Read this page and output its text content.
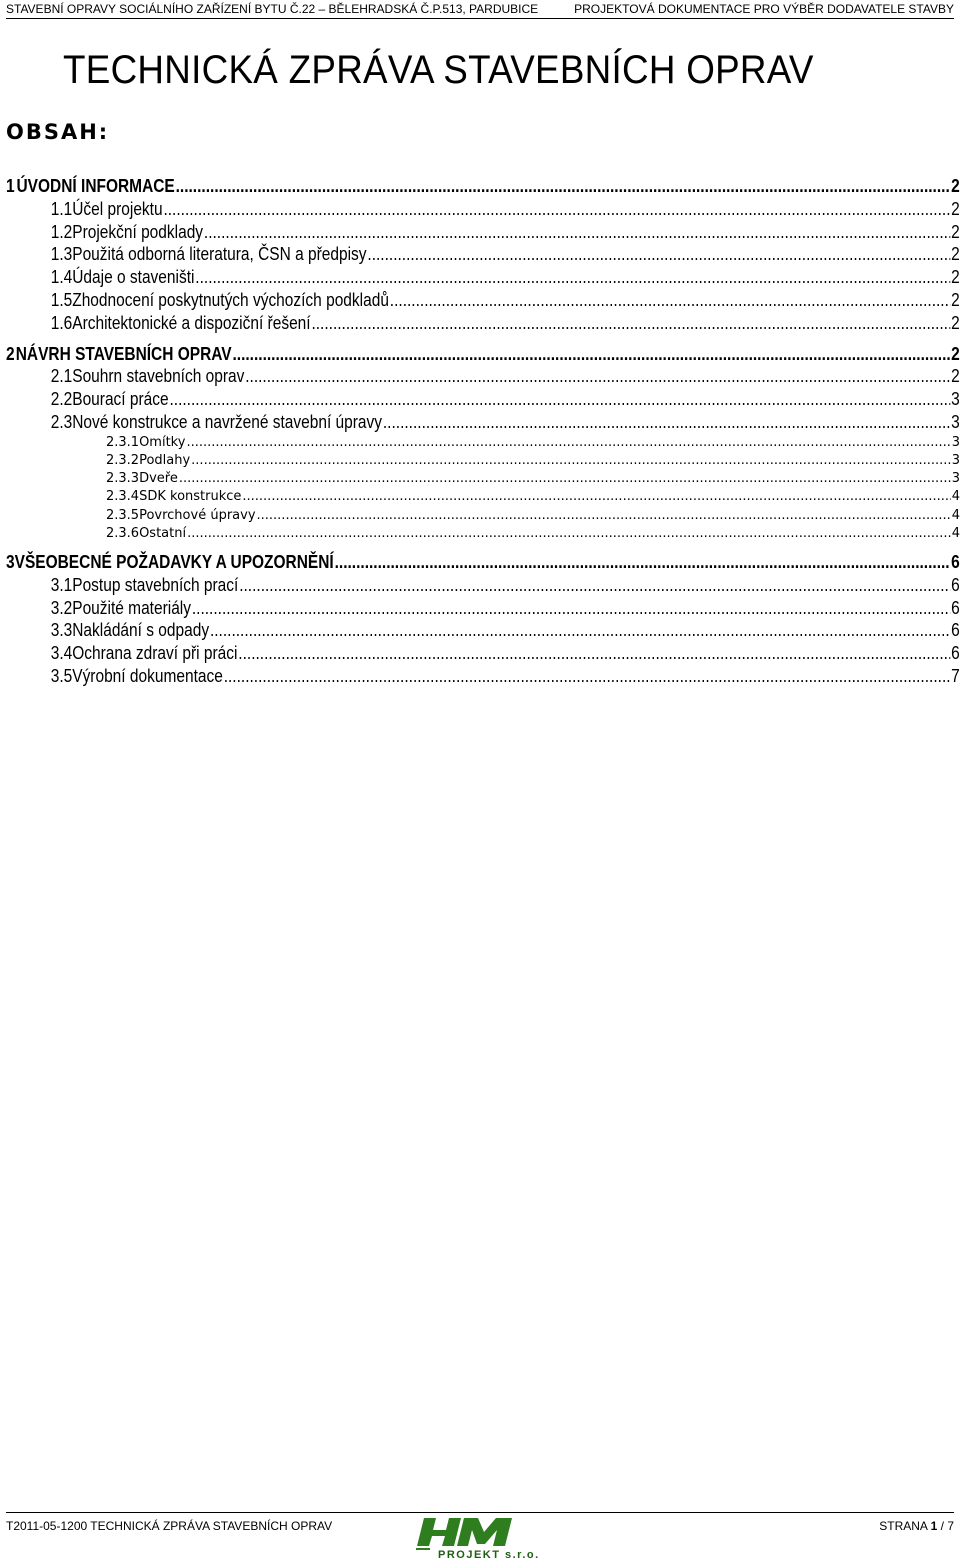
STAVEBNÍ OPRAVY SOCIÁLNÍHO ZAŘÍZENÍ BYTU Č.22 – BĚLEHRADSKÁ Č.P.513, PARDUBICE	PROJEKTOVÁ DOKUMENTACE PRO VÝBĚR DODAVATELE STAVBY
TECHNICKÁ ZPRÁVA STAVEBNÍCH OPRAV
OBSAH:
1 ÚVODNÍ INFORMACE .....	2
1.1 Účel projektu .....	2
1.2 Projekční podklady .....	2
1.3 Použitá odborná literatura, ČSN a předpisy .....	2
1.4 Údaje o staveništi .....	2
1.5 Zhodnocení poskytnutých výchozích podkladů .....	2
1.6 Architektonické a dispoziční řešení .....	2
2 NÁVRH STAVEBNÍCH OPRAV .....	2
2.1 Souhrn stavebních oprav .....	2
2.2 Bourací práce .....	3
2.3 Nové konstrukce a navržené stavební úpravy .....	3
2.3.1 Omítky .....	3
2.3.2 Podlahy .....	3
2.3.3 Dveře .....	3
2.3.4 SDK konstrukce .....	4
2.3.5 Povrchové úpravy .....	4
2.3.6 Ostatní .....	4
3 VŠEOBECNÉ POŽADAVKY A UPOZORNĚNÍ .....	6
3.1 Postup stavebních prací .....	6
3.2 Použité materiály .....	6
3.3 Nakládání s odpady .....	6
3.4 Ochrana zdraví při práci .....	6
3.5 Výrobní dokumentace .....	7
T2011-05-1200 TECHNICKÁ ZPRÁVA STAVEBNÍCH OPRAV
PROJEKT s.r.o.
STRANA 1 / 7
